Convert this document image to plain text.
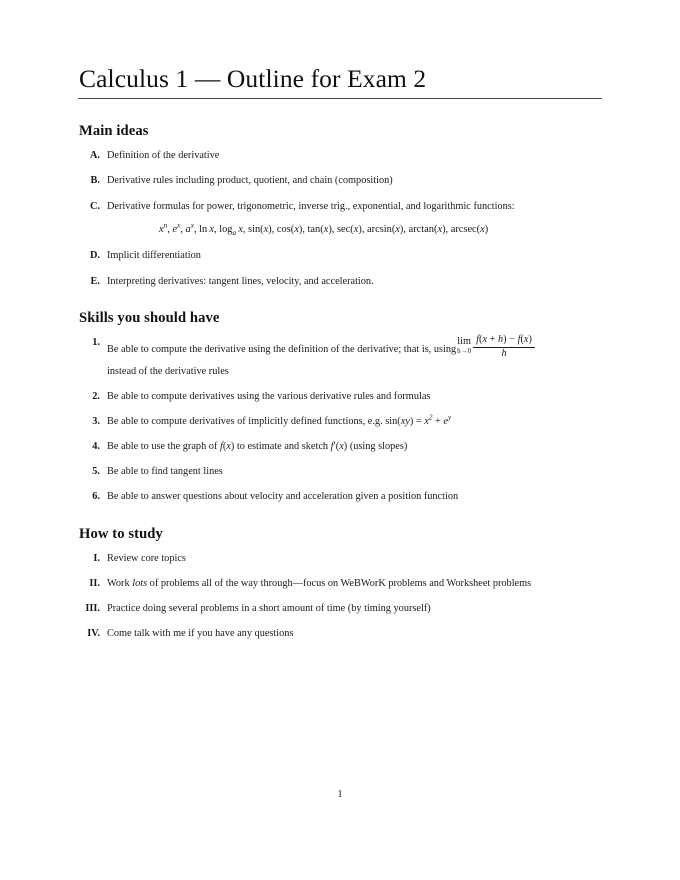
Calculus 1 — Outline for Exam 2
Main ideas
A. Definition of the derivative
B. Derivative rules including product, quotient, and chain (composition)
C. Derivative formulas for power, trigonometric, inverse trig., exponential, and logarithmic functions:
$x^n$, $e^x$, $a^x$, ln  x, $\log_a x$, sin(x), cos(x), tan(x), sec(x), arcsin(x), arctan(x), arcsec(x)
D. Implicit differentiation
E. Interpreting derivatives: tangent lines, velocity, and acceleration.
Skills you should have
1.
Be able to compute the derivative using the definition of the derivative; that is, using
lim
$h\to 0 \frac{f(x + h) - f(x)}{h}$
instead of the derivative rules
2. Be able to compute derivatives using the various derivative rules and formulas
3. Be able to compute derivatives of implicitly defined functions, e.g. $\sin(xy) = x^2 + e^y$
4. Be able to use the graph of f(x) to estimate and sketch f′(x) (using slopes)
5. Be able to find tangent lines
6. Be able to answer questions about velocity and acceleration given a position function
How to study
I. Review core topics
II. Work lots of problems all of the way through—focus on WeBWorK problems and Worksheet problems
III. Practice doing several problems in a short amount of time (by timing yourself)
IV. Come talk with me if you have any questions
1
